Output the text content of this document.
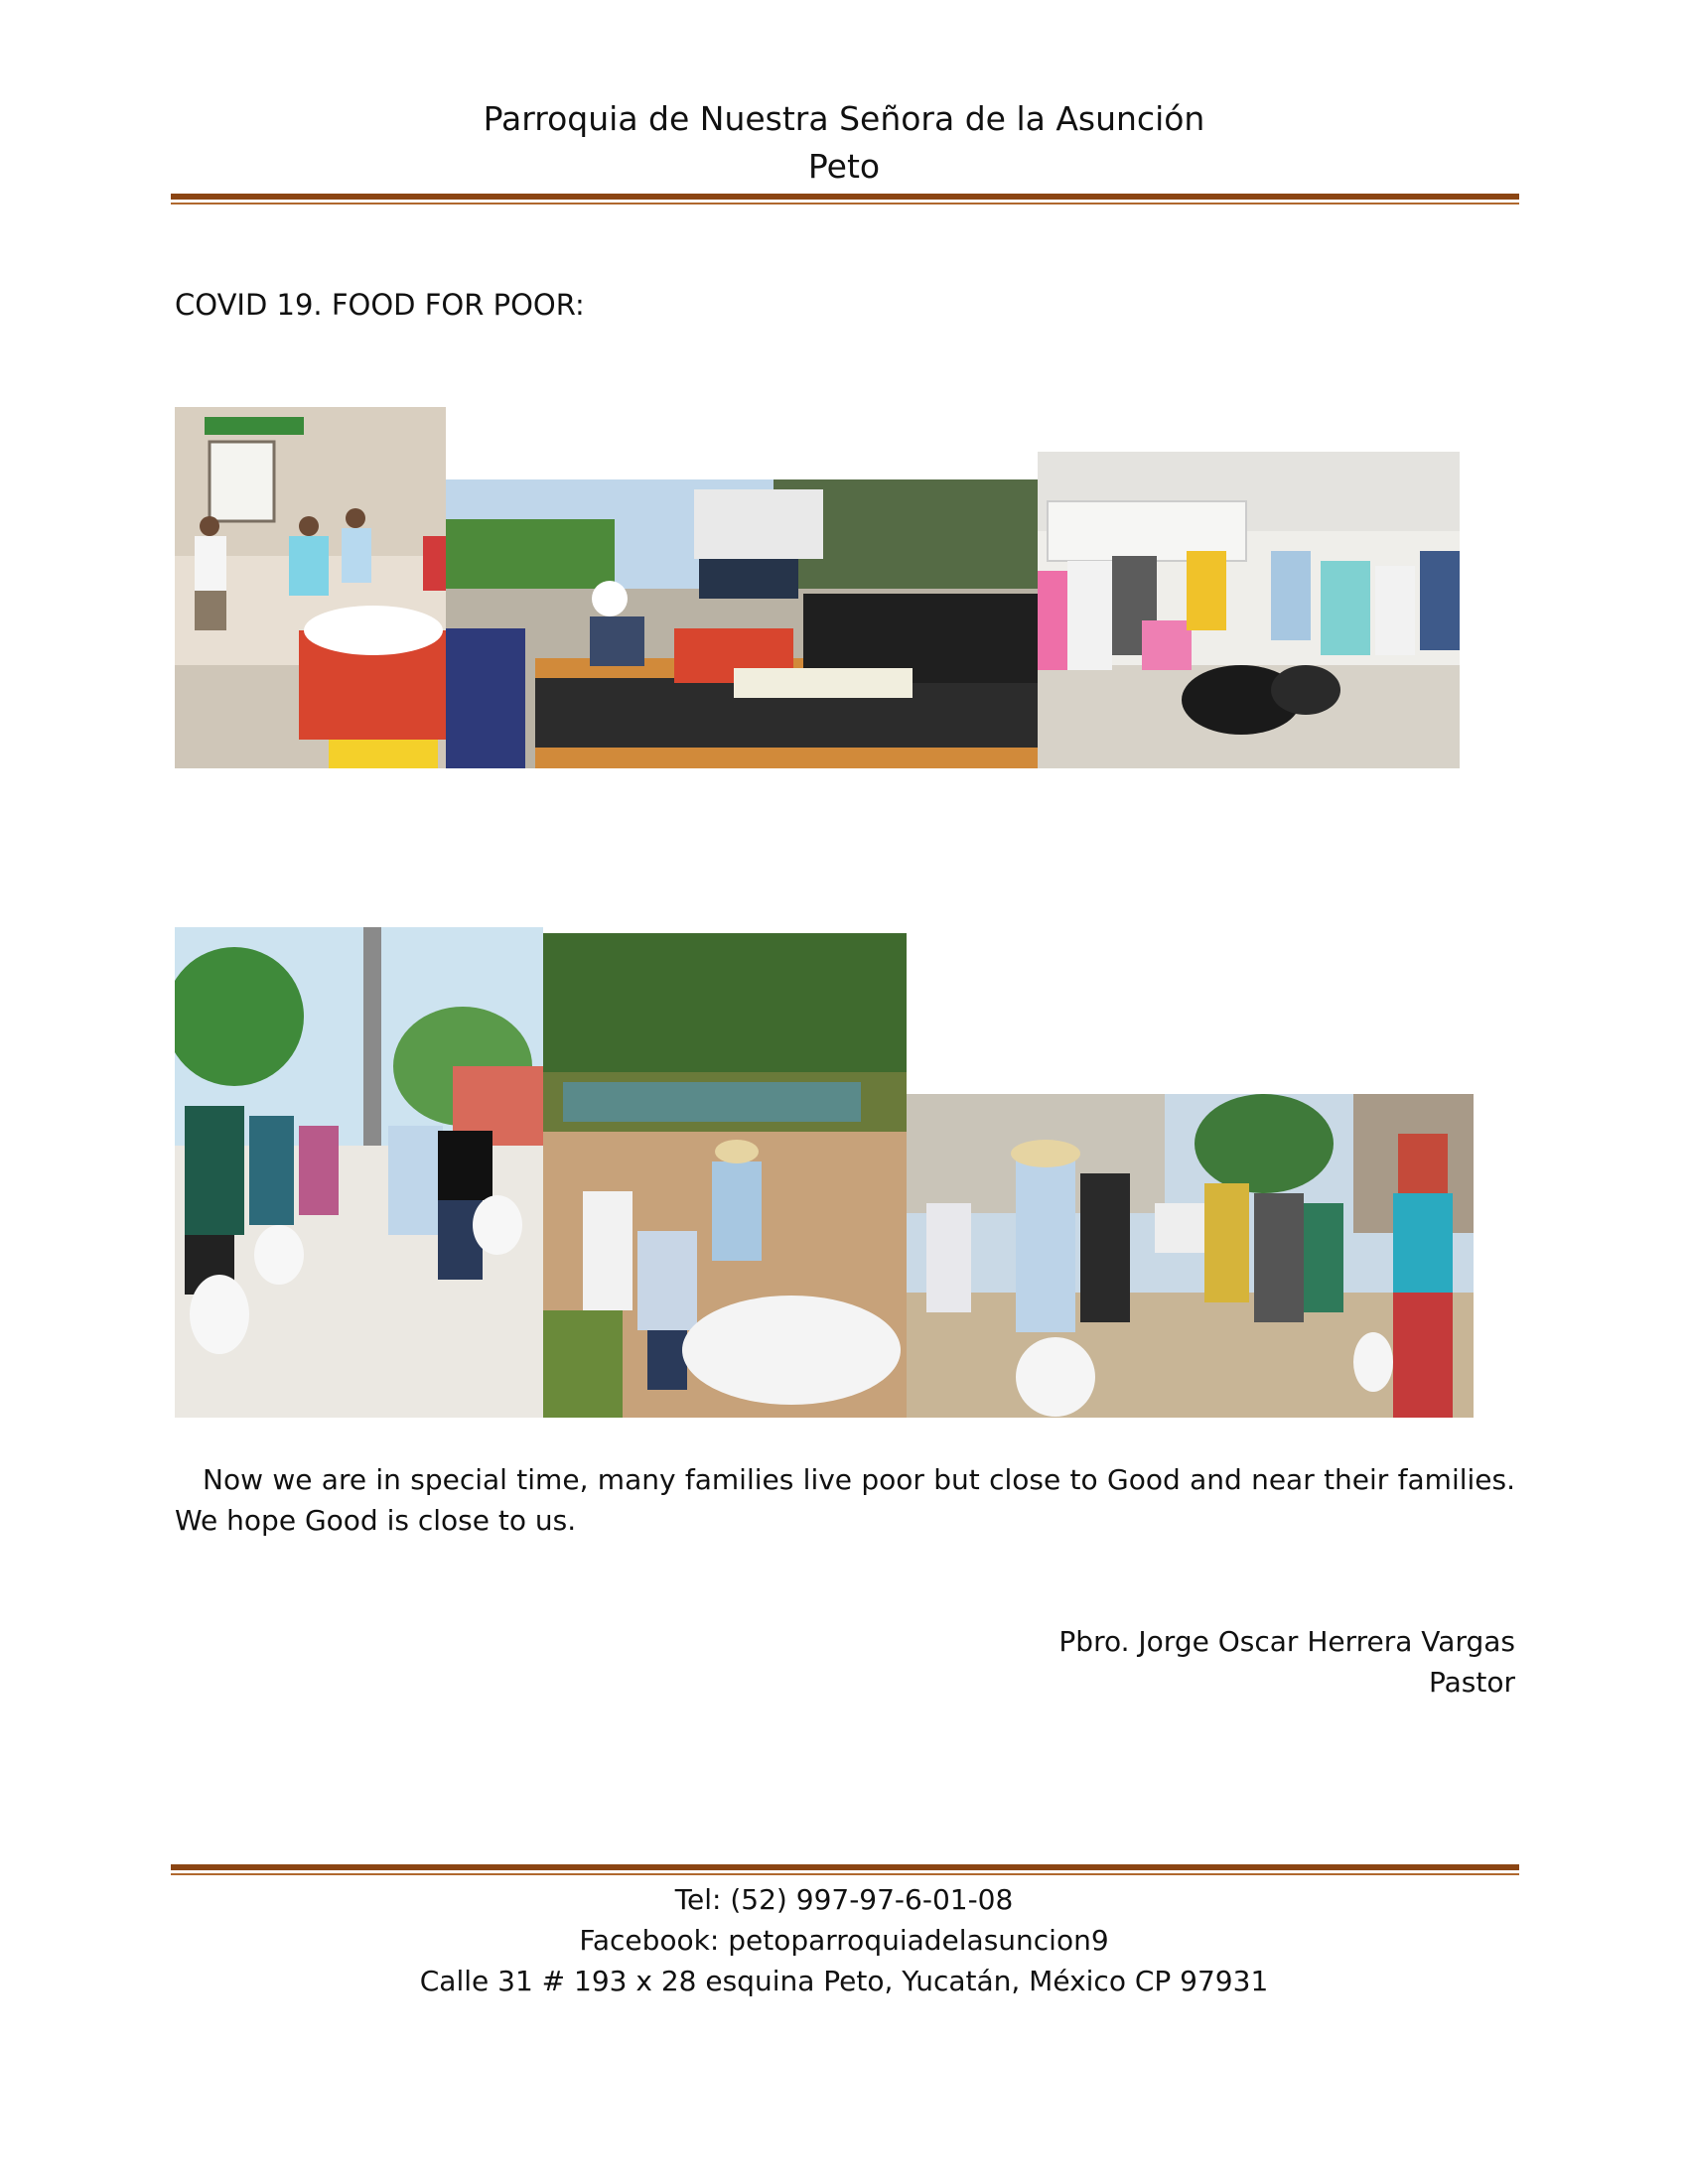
Parroquia de Nuestra Señora de la Asunción
Peto
COVID 19. FOOD FOR POOR:
Now we are in special time, many families live poor but close to Good and near their families. We hope Good is close to us.
Pbro. Jorge Oscar Herrera Vargas
Pastor
Tel: (52) 997-97-6-01-08
Facebook: petoparroquiadelasuncion9
Calle 31 # 193 x 28 esquina Peto, Yucatán, México CP 97931
